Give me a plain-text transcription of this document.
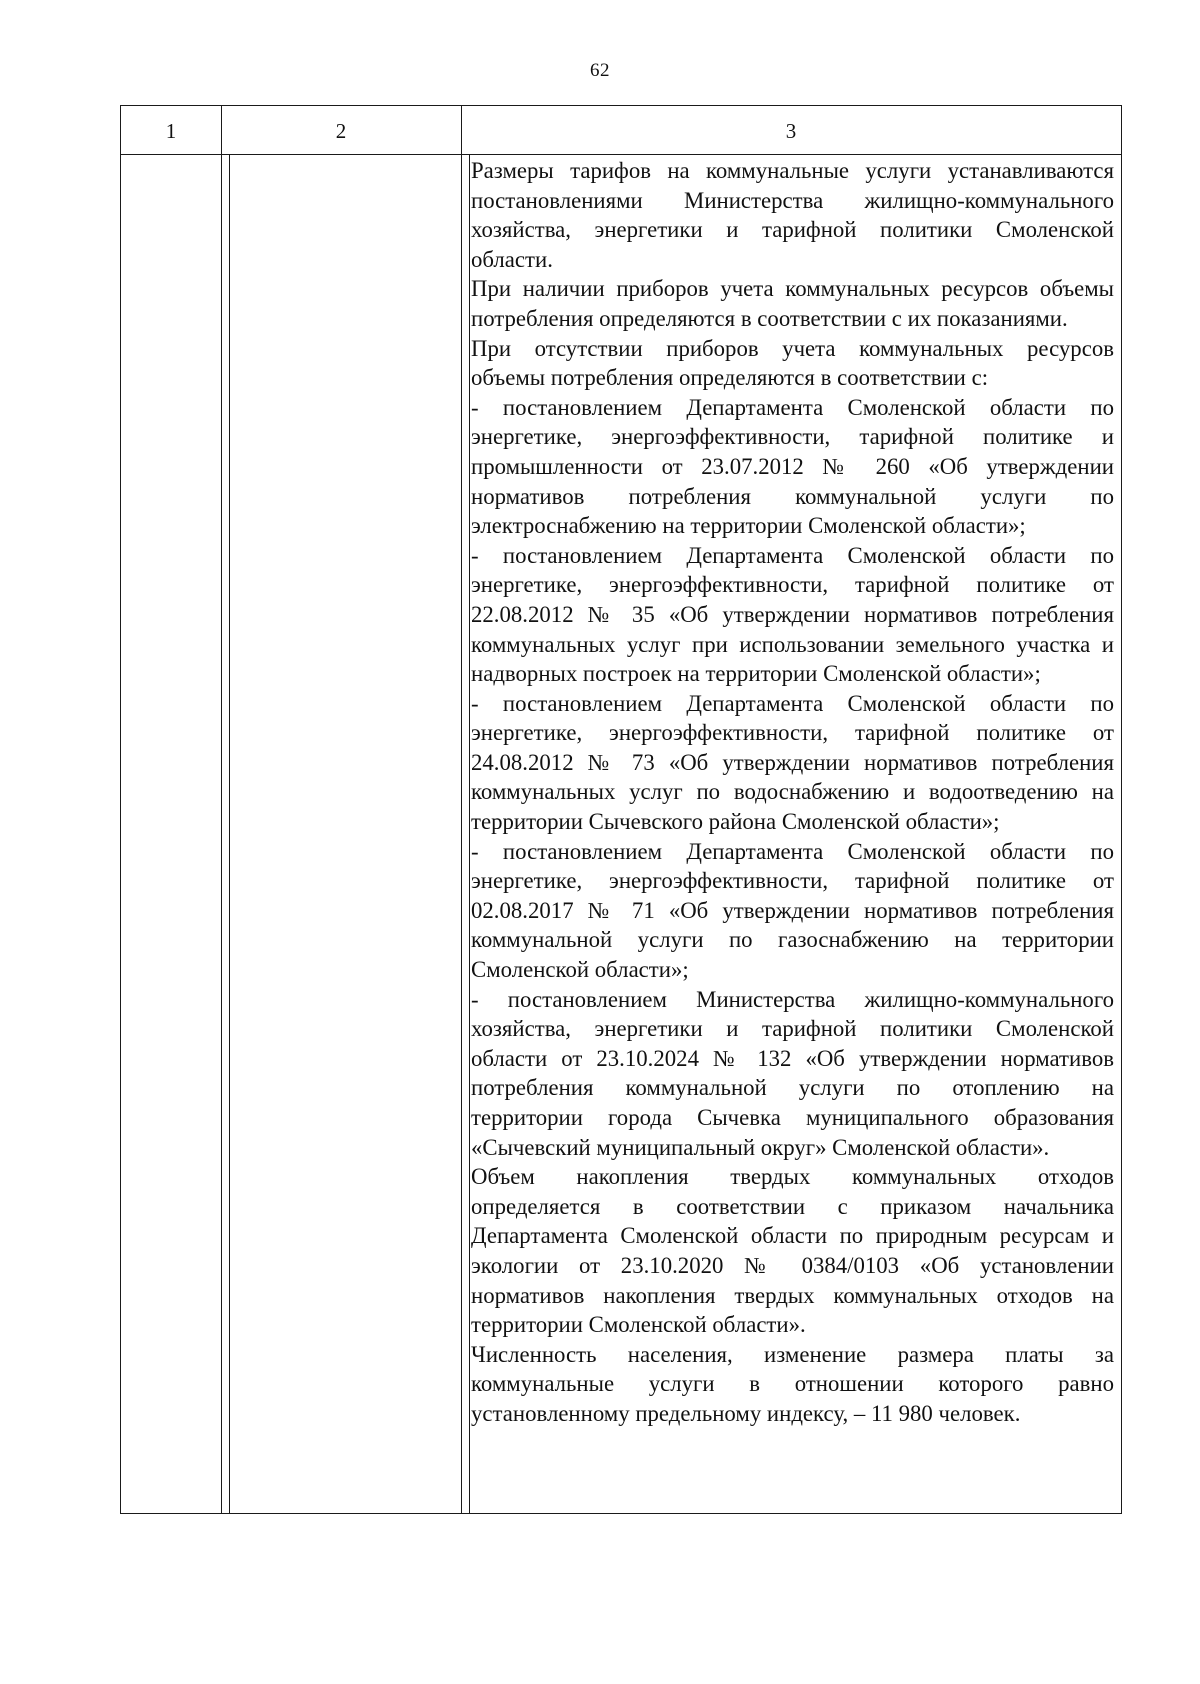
62
1	2	3

Размеры тарифов на коммунальные услуги устанавливаются

постановлениями Министерства жилищно-коммунального

хозяйства, энергетики и тарифной политики Смоленской

области.

При наличии приборов учета коммунальных ресурсов объемы

потребления определяются в соответствии с их показаниями.

При отсутствии приборов учета коммунальных ресурсов

объемы потребления определяются в соответствии с:

- постановлением Департамента Смоленской области по

энергетике, энергоэффективности, тарифной политике и

промышленности от 23.07.2012 № 260 «Об утверждении

нормативов потребления коммунальной услуги по

электроснабжению на территории Смоленской области»;

- постановлением Департамента Смоленской области по

энергетике, энергоэффективности, тарифной политике от

22.08.2012 № 35 «Об утверждении нормативов потребления

коммунальных услуг при использовании земельного участка и

надворных построек на территории Смоленской области»;

- постановлением Департамента Смоленской области по

энергетике, энергоэффективности, тарифной политике от

24.08.2012 № 73 «Об утверждении нормативов потребления

коммунальных услуг по водоснабжению и водоотведению на

территории Сычевского района Смоленской области»;

- постановлением Департамента Смоленской области по

энергетике, энергоэффективности, тарифной политике от

02.08.2017 № 71 «Об утверждении нормативов потребления

коммунальной услуги по газоснабжению на территории

Смоленской области»;

- постановлением Министерства жилищно-коммунального

хозяйства, энергетики и тарифной политики Смоленской

области от 23.10.2024 № 132 «Об утверждении нормативов

потребления коммунальной услуги по отоплению на

территории города Сычевка муниципального образования

«Сычевский муниципальный округ» Смоленской области».

Объем накопления твердых коммунальных отходов

определяется в соответствии с приказом начальника

Департамента Смоленской области по природным ресурсам и

экологии от 23.10.2020 № 0384/0103 «Об установлении

нормативов накопления твердых коммунальных отходов на

территории Смоленской области».

Численность населения, изменение размера платы за

коммунальные услуги в отношении которого равно

установленному предельному индексу, – 11 980 человек.
